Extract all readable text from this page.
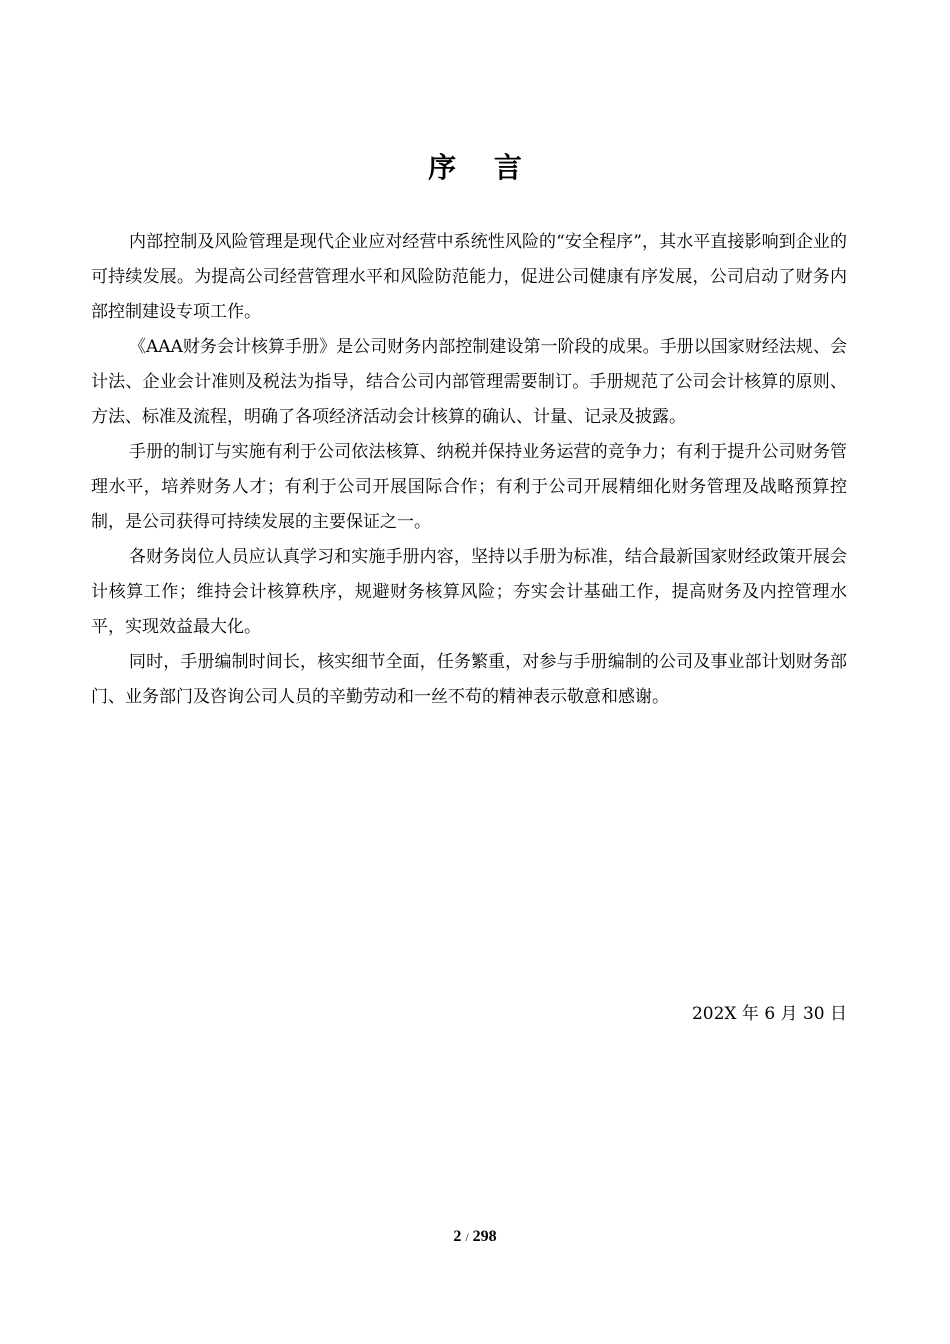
序 言

内部控制及风险管理是现代企业应对经营中系统性风险的“安全程序”，其水平直接影响到企业的可持续发展。为提高公司经营管理水平和风险防范能力，促进公司健康有序发展，公司启动了财务内部控制建设专项工作。

《AAA财务会计核算手册》是公司财务内部控制建设第一阶段的成果。手册以国家财经法规、会计法、企业会计准则及税法为指导，结合公司内部管理需要制订。手册规范了公司会计核算的原则、方法、标准及流程，明确了各项经济活动会计核算的确认、计量、记录及披露。

手册的制订与实施有利于公司依法核算、纳税并保持业务运营的竞争力；有利于提升公司财务管理水平，培养财务人才；有利于公司开展国际合作；有利于公司开展精细化财务管理及战略预算控制，是公司获得可持续发展的主要保证之一。

各财务岗位人员应认真学习和实施手册内容，坚持以手册为标准，结合最新国家财经政策开展会计核算工作；维持会计核算秩序，规避财务核算风险；夯实会计基础工作，提高财务及内控管理水平，实现效益最大化。

同时，手册编制时间长，核实细节全面，任务繁重，对参与手册编制的公司及事业部计划财务部门、业务部门及咨询公司人员的辛勤劳动和一丝不苟的精神表示敬意和感谢。

202X 年 6 月 30 日
2 / 298
